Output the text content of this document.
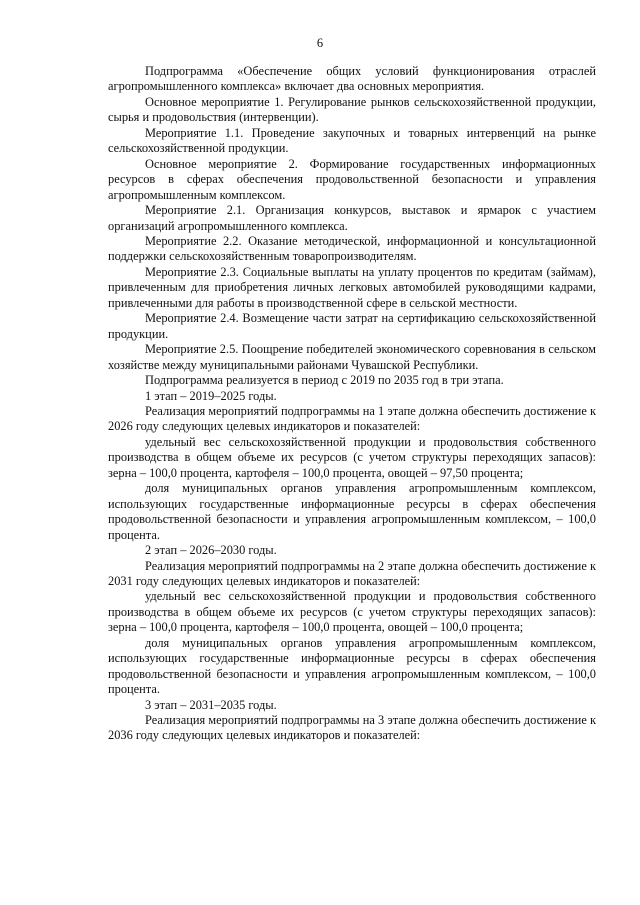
6

Подпрограмма «Обеспечение общих условий функционирования отраслей агропромышленного комплекса» включает два основных мероприятия.

Основное мероприятие 1. Регулирование рынков сельскохозяйственной продукции, сырья и продовольствия (интервенции).

Мероприятие 1.1. Проведение закупочных и товарных интервенций на рынке сельскохозяйственной продукции.

Основное мероприятие 2. Формирование государственных информационных ресурсов в сферах обеспечения продовольственной безопасности и управления агропромышленным комплексом.

Мероприятие 2.1. Организация конкурсов, выставок и ярмарок с участием организаций агропромышленного комплекса.

Мероприятие 2.2. Оказание методической, информационной и консультационной поддержки сельскохозяйственным товаропроизводителям.

Мероприятие 2.3. Социальные выплаты на уплату процентов по кредитам (займам), привлеченным для приобретения личных легковых автомобилей руководящими кадрами, привлеченными для работы в производственной сфере в сельской местности.

Мероприятие 2.4. Возмещение части затрат на сертификацию сельскохозяйственной продукции.

Мероприятие 2.5. Поощрение победителей экономического соревнования в сельском хозяйстве между муниципальными районами Чувашской Республики.

Подпрограмма реализуется в период с 2019 по 2035 год в три этапа.

1 этап – 2019–2025 годы.

Реализация мероприятий подпрограммы на 1 этапе должна обеспечить достижение к 2026 году следующих целевых индикаторов и показателей:

удельный вес сельскохозяйственной продукции и продовольствия собственного производства в общем объеме их ресурсов (с учетом структуры переходящих запасов): зерна – 100,0 процента, картофеля – 100,0 процента, овощей – 97,50 процента;

доля муниципальных органов управления агропромышленным комплексом, использующих государственные информационные ресурсы в сферах обеспечения продовольственной безопасности и управления агропромышленным комплексом, – 100,0 процента.

2 этап – 2026–2030 годы.

Реализация мероприятий подпрограммы на 2 этапе должна обеспечить достижение к 2031 году следующих целевых индикаторов и показателей:

удельный вес сельскохозяйственной продукции и продовольствия собственного производства в общем объеме их ресурсов (с учетом структуры переходящих запасов): зерна – 100,0 процента, картофеля – 100,0 процента, овощей – 100,0 процента;

доля муниципальных органов управления агропромышленным комплексом, использующих государственные информационные ресурсы в сферах обеспечения продовольственной безопасности и управления агропромышленным комплексом, – 100,0 процента.

3 этап – 2031–2035 годы.

Реализация мероприятий подпрограммы на 3 этапе должна обеспечить достижение к 2036 году следующих целевых индикаторов и показателей:
